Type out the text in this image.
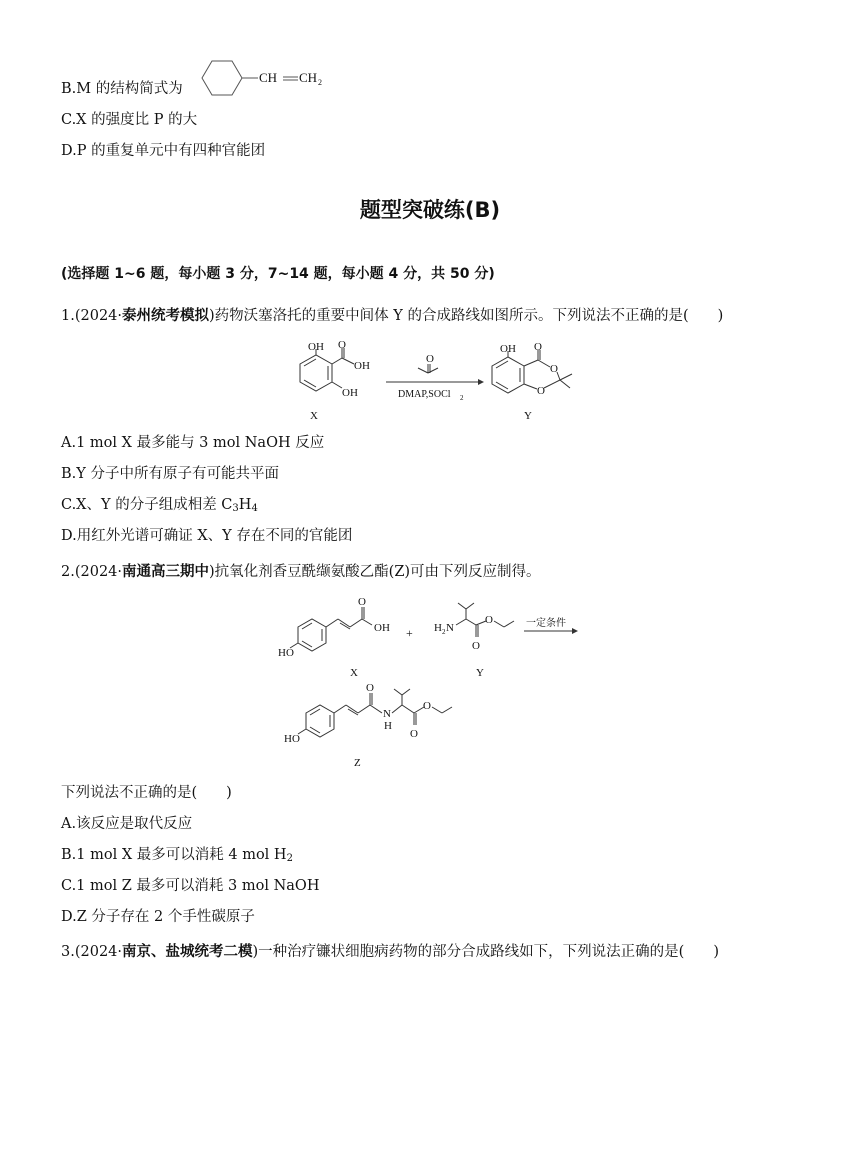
B.M 的结构简式为
CH CH 2
C.X 的强度比 P 的大
D.P 的重复单元中有四种官能团
题型突破练(B)
(选择题 1~6 题，每小题 3 分，7~14 题，每小题 4 分，共 50 分)
1.(2024·泰州统考模拟)药物沃塞洛托的重要中间体 Y 的合成路线如图所示。下列说法不正确的是(　　)
OH O
OH
OH
X
O
DMAP,SOCl 2
OH O
O
O
Y
A.1 mol X 最多能与 3 mol NaOH 反应
B.Y 分子中所有原子有可能共平面
C.X、Y 的分子组成相差 $C_3H_4$
D.用红外光谱可确证 X、Y 存在不同的官能团
2.(2024·南通高三期中)抗氧化剂香豆酰缬氨酸乙酯(Z)可由下列反应制得。
O
OH
HO
X
+ H 2 N
O
O
Y
一定条件
O
N
H
O
O
HO
Z
下列说法不正确的是(　　)
A.该反应是取代反应
B.1 mol X 最多可以消耗 4 mol $H_2$
C.1 mol Z 最多可以消耗 3 mol NaOH
D.Z 分子存在 2 个手性碳原子
3.(2024·南京、盐城统考二模)一种治疗镰状细胞病药物的部分合成路线如下，下列说法正确的是(　　)
